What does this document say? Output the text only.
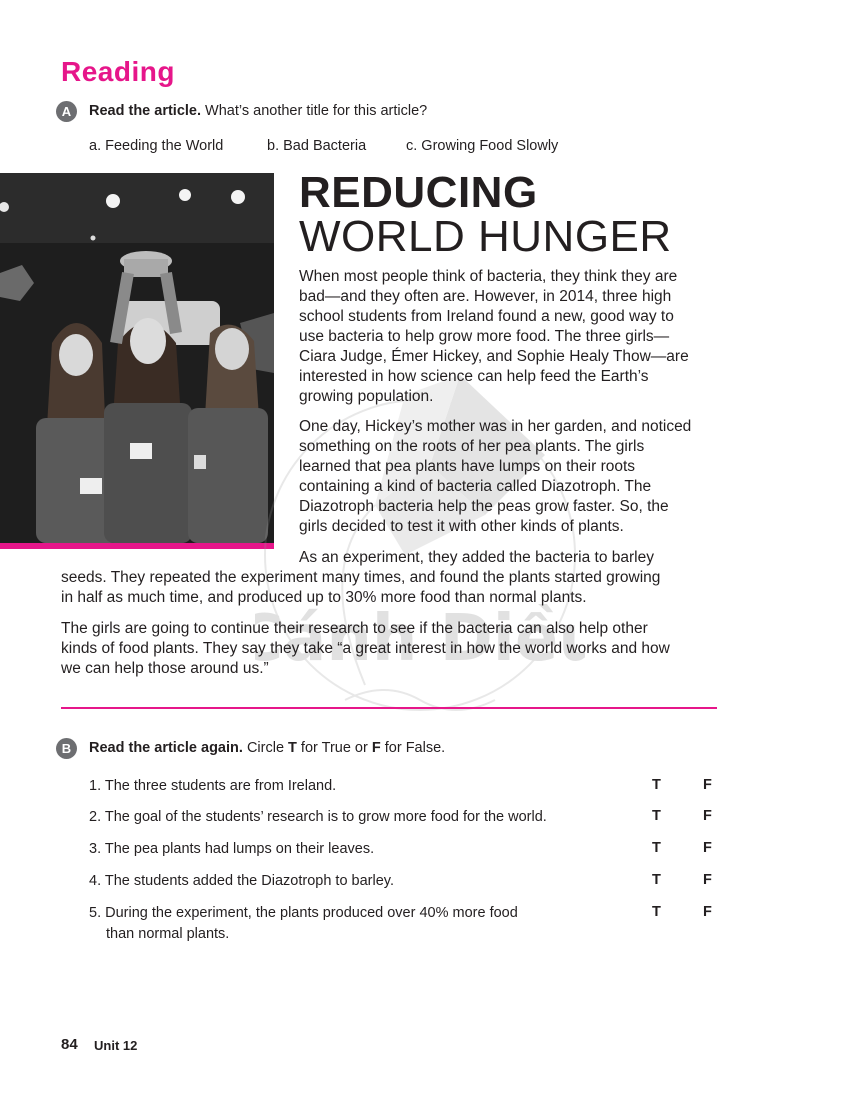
Reading
A	Read the article. What’s another title for this article?
a. Feeding the World	b. Bad Bacteria	c. Growing Food Slowly
Cánh Diều
REDUCING
WORLD HUNGER
When most people think of bacteria, they think they are
bad—and they often are. However, in 2014, three high
school students from Ireland found a new, good way to
use bacteria to help grow more food. The three girls—
Ciara Judge, Émer Hickey, and Sophie Healy Thow—are
interested in how science can help feed the Earth’s
growing population.
One day, Hickey’s mother was in her garden, and noticed
something on the roots of her pea plants. The girls
learned that pea plants have lumps on their roots
containing a kind of bacteria called Diazotroph. The
Diazotroph bacteria help the peas grow faster. So, the
girls decided to test it with other kinds of plants.
As an experiment, they added the bacteria to barley
seeds. They repeated the experiment many times, and found the plants started growing
in half as much time, and produced up to 30% more food than normal plants.
The girls are going to continue their research to see if the bacteria can also help other
kinds of food plants. They say they take “a great interest in how the world works and how
we can help those around us.”
B	Read the article again. Circle T for True or F for False.
1. The three students are from Ireland.	T	F
2. The goal of the students’ research is to grow more food for the world.	T	F
3. The pea plants had lumps on their leaves.	T	F
4. The students added the Diazotroph to barley.	T	F
5. During the experiment, the plants produced over 40% more food
than normal plants.
T	F
84 Unit 12
